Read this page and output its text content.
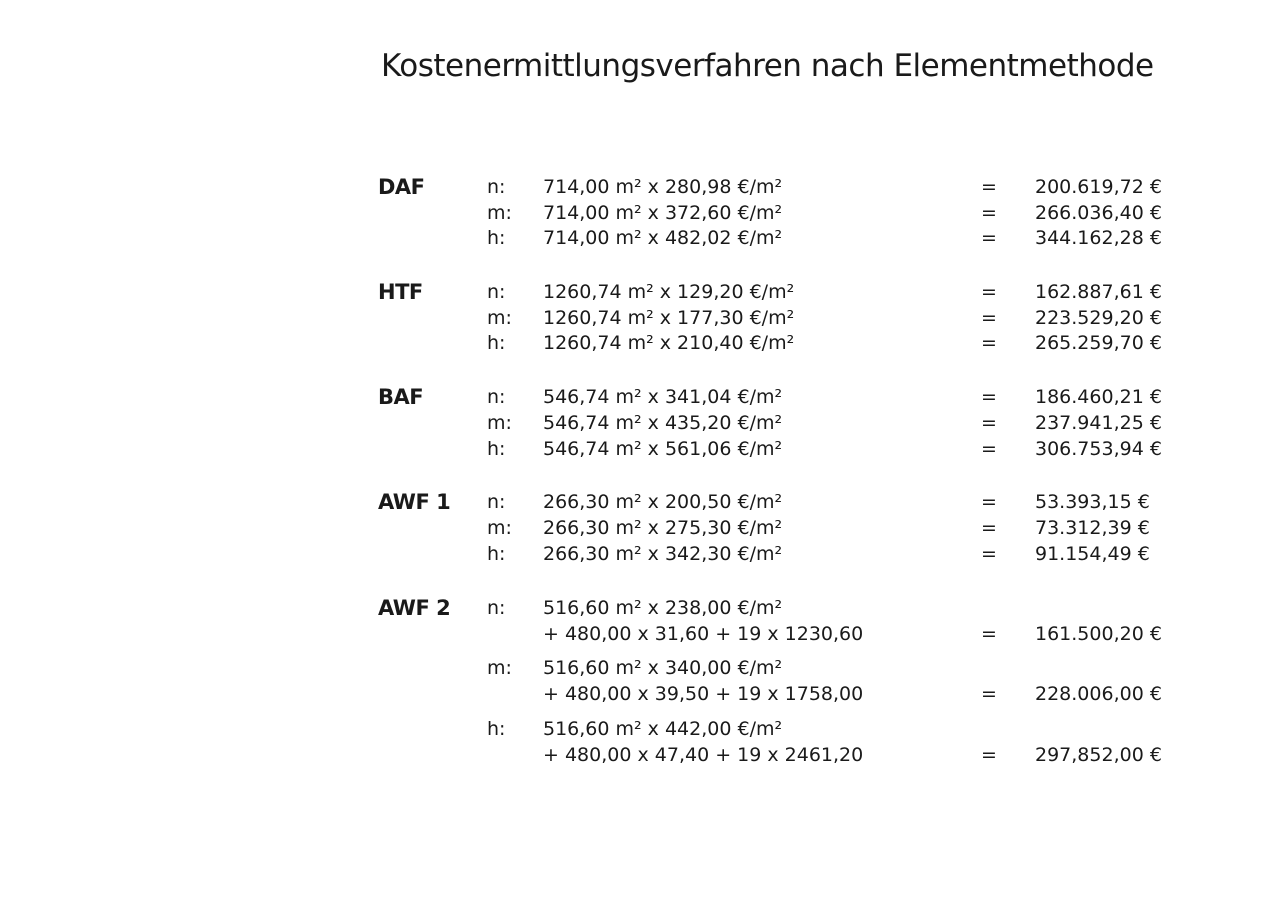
Kostenermittlungsverfahren nach Elementmethode
DAF	n: 714,00 m² x 280,98 €/m²	= 200.619,72 €
m: 714,00 m² x 372,60 €/m²	= 266.036,40 €
h: 714,00 m² x 482,02 €/m²	= 344.162,28 €
HTF	n: 1260,74 m² x 129,20 €/m²	= 162.887,61 €
m: 1260,74 m² x 177,30 €/m²	= 223.529,20 €
h: 1260,74 m² x 210,40 €/m²	= 265.259,70 €
BAF	n: 546,74 m² x 341,04 €/m²	= 186.460,21 €
m: 546,74 m² x 435,20 €/m²	= 237.941,25 €
h: 546,74 m² x 561,06 €/m²	= 306.753,94 €
AWF 1 n: 266,30 m² x 200,50 €/m²	= 53.393,15 €
m: 266,30 m² x 275,30 €/m²	= 73.312,39 €
h: 266,30 m² x 342,30 €/m²	= 91.154,49 €
AWF 2 n: 516,60 m² x 238,00 €/m²
+ 480,00 x 31,60 + 19 x 1230,60	= 161.500,20 €
m: 516,60 m² x 340,00 €/m²
+ 480,00 x 39,50 + 19 x 1758,00	= 228.006,00 €
h: 516,60 m² x 442,00 €/m²
+ 480,00 x 47,40 + 19 x 2461,20	= 297,852,00 €
